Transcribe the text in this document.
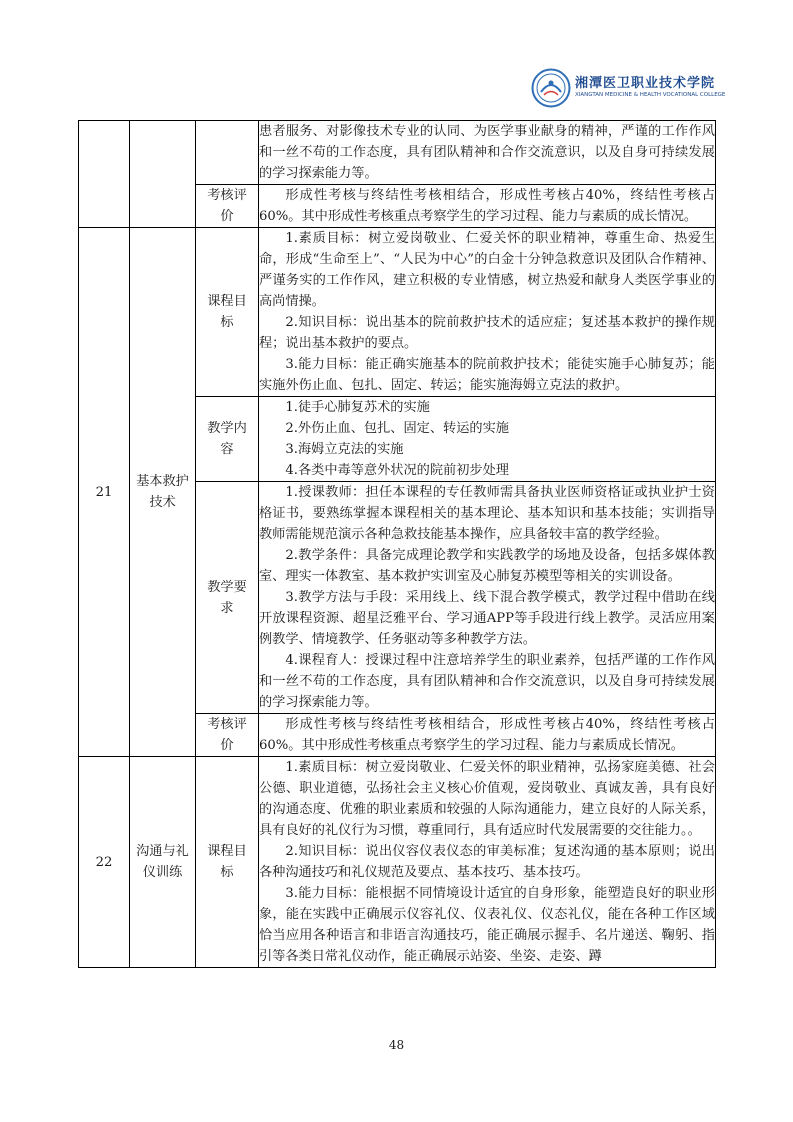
湘潭医卫职业技术学院
XIANGTAN MEDICINE & HEALTH VOCATIONAL COLLEGE

			患者服务、对影像技术专业的认同、为医学事业献身的精神，严谨的工作作风和一丝不苟的工作态度，具有团队精神和合作交流意识，以及自身可持续发展的学习探索能力等。

		考核评价	形成性考核与终结性考核相结合，形成性考核占40%，终结性考核占60%。其中形成性考核重点考察学生的学习过程、能力与素质的成长情况。

21	基本救护技术	课程目标	1.素质目标：树立爱岗敬业、仁爱关怀的职业精神，尊重生命、热爱生命，形成“生命至上”、“人民为中心”的白金十分钟急救意识及团队合作精神、严谨务实的工作作风，建立积极的专业情感，树立热爱和献身人类医学事业的高尚情操。

2.知识目标：说出基本的院前救护技术的适应症；复述基本救护的操作规程；说出基本救护的要点。

3.能力目标：能正确实施基本的院前救护技术；能徒实施手心肺复苏；能实施外伤止血、包扎、固定、转运；能实施海姆立克法的救护。

		教学内容	1.徒手心肺复苏术的实施

2.外伤止血、包扎、固定、转运的实施

3.海姆立克法的实施

4.各类中毒等意外状况的院前初步处理

		教学要求	1.授课教师：担任本课程的专任教师需具备执业医师资格证或执业护士资格证书，要熟练掌握本课程相关的基本理论、基本知识和基本技能；实训指导教师需能规范演示各种急救技能基本操作，应具备较丰富的教学经验。

2.教学条件：具备完成理论教学和实践教学的场地及设备，包括多媒体教室、理实一体教室、基本救护实训室及心肺复苏模型等相关的实训设备。

3.教学方法与手段：采用线上、线下混合教学模式，教学过程中借助在线开放课程资源、超星泛雅平台、学习通APP等手段进行线上教学。灵活应用案例教学、情境教学、任务驱动等多种教学方法。

4.课程育人：授课过程中注意培养学生的职业素养，包括严谨的工作作风和一丝不苟的工作态度，具有团队精神和合作交流意识，以及自身可持续发展的学习探索能力等。

		考核评价	形成性考核与终结性考核相结合，形成性考核占40%，终结性考核占60%。其中形成性考核重点考察学生的学习过程、能力与素质成长情况。

22	沟通与礼仪训练	课程目标	1.素质目标：树立爱岗敬业、仁爱关怀的职业精神，弘扬家庭美德、社会公德、职业道德，弘扬社会主义核心价值观，爱岗敬业、真诚友善，具有良好的沟通态度、优雅的职业素质和较强的人际沟通能力，建立良好的人际关系，具有良好的礼仪行为习惯，尊重同行，具有适应时代发展需要的交往能力。。

2.知识目标：说出仪容仪表仪态的审美标准；复述沟通的基本原则；说出各种沟通技巧和礼仪规范及要点、基本技巧、基本技巧。

3.能力目标：能根据不同情境设计适宜的自身形象，能塑造良好的职业形象，能在实践中正确展示仪容礼仪、仪表礼仪、仪态礼仪，能在各种工作区域恰当应用各种语言和非语言沟通技巧，能正确展示握手、名片递送、鞠躬、指引等各类日常礼仪动作，能正确展示站姿、坐姿、走姿、蹲

48
